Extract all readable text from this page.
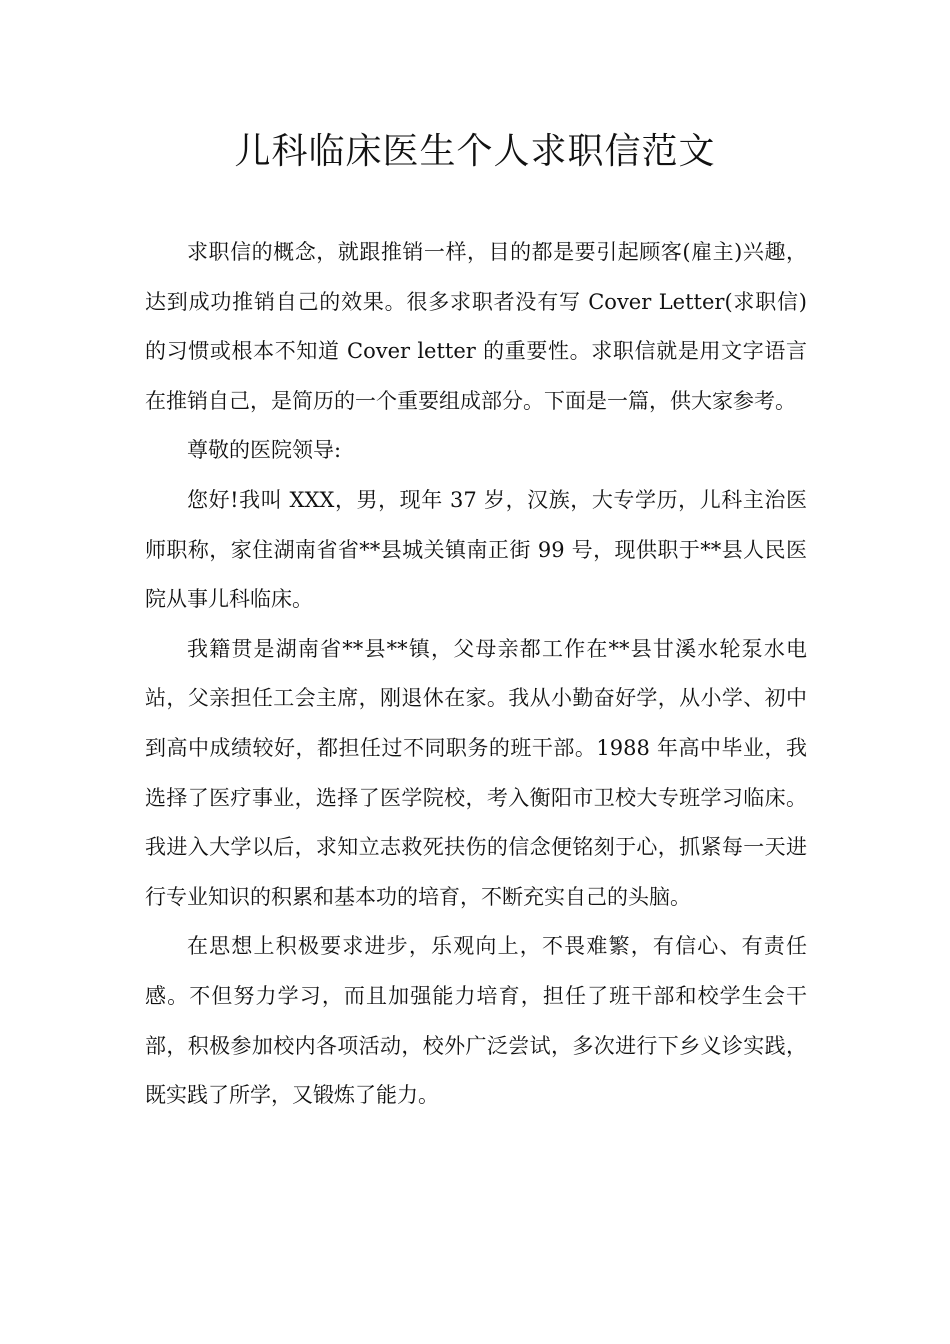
儿科临床医生个人求职信范文

求职信的概念，就跟推销一样，目的都是要引起顾客(雇主)兴趣，达到成功推销自己的效果。很多求职者没有写 Cover Letter(求职信)的习惯或根本不知道 Cover letter 的重要性。求职信就是用文字语言在推销自己，是简历的一个重要组成部分。下面是一篇，供大家参考。

尊敬的医院领导:

您好!我叫 XXX，男，现年 37 岁，汉族，大专学历，儿科主治医师职称，家住湖南省省**县城关镇南正街 99 号，现供职于**县人民医院从事儿科临床。

我籍贯是湖南省**县**镇，父母亲都工作在**县甘溪水轮泵水电站，父亲担任工会主席，刚退休在家。我从小勤奋好学，从小学、初中到高中成绩较好，都担任过不同职务的班干部。1988 年高中毕业，我选择了医疗事业，选择了医学院校，考入衡阳市卫校大专班学习临床。我进入大学以后，求知立志救死扶伤的信念便铭刻于心，抓紧每一天进行专业知识的积累和基本功的培育，不断充实自己的头脑。

在思想上积极要求进步，乐观向上，不畏难繁，有信心、有责任感。不但努力学习，而且加强能力培育，担任了班干部和校学生会干部，积极参加校内各项活动，校外广泛尝试，多次进行下乡义诊实践，既实践了所学，又锻炼了能力。
